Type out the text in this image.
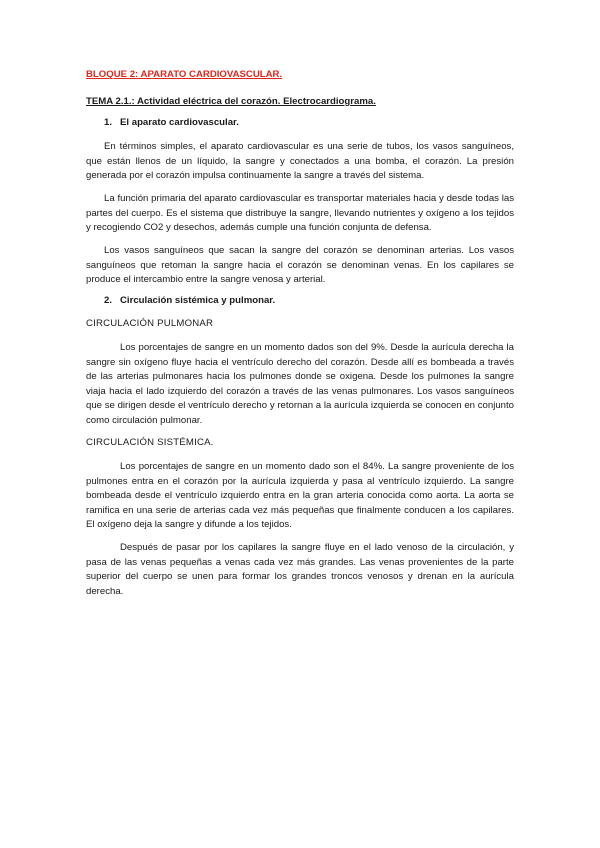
BLOQUE 2: APARATO CARDIOVASCULAR.
TEMA 2.1.: Actividad eléctrica del corazón. Electrocardiograma.
1. El aparato cardiovascular.

En términos simples, el aparato cardiovascular es una serie de tubos, los vasos sanguíneos, que están llenos de un líquido, la sangre y conectados a una bomba, el corazón. La presión generada por el corazón impulsa continuamente la sangre a través del sistema.

La función primaria del aparato cardiovascular es transportar materiales hacia y desde todas las partes del cuerpo. Es el sistema que distribuye la sangre, llevando nutrientes y oxígeno a los tejidos y recogiendo CO2 y desechos, además cumple una función conjunta de defensa.

Los vasos sanguíneos que sacan la sangre del corazón se denominan arterias. Los vasos sanguíneos que retoman la sangre hacia el corazón se denominan venas. En los capilares se produce el intercambio entre la sangre venosa y arterial.

2. Circulación sistémica y pulmonar.
CIRCULACIÓN PULMONAR

Los porcentajes de sangre en un momento dados son del 9%. Desde la aurícula derecha la sangre sin oxígeno fluye hacia el ventrículo derecho del corazón. Desde allí es bombeada a través de las arterias pulmonares hacia los pulmones donde se oxigena. Desde los pulmones la sangre viaja hacia el lado izquierdo del corazón a través de las venas pulmonares. Los vasos sanguíneos que se dirigen desde el ventrículo derecho y retornan a la aurícula izquierda se conocen en conjunto como circulación pulmonar.

CIRCULACIÓN SISTÉMICA.

Los porcentajes de sangre en un momento dado son el 84%. La sangre proveniente de los pulmones entra en el corazón por la aurícula izquierda y pasa al ventrículo izquierdo. La sangre bombeada desde el ventrículo izquierdo entra en la gran arteria conocida como aorta. La aorta se ramifica en una serie de arterias cada vez más pequeñas que finalmente conducen a los capilares. El oxígeno deja la sangre y difunde a los tejidos.

Después de pasar por los capilares la sangre fluye en el lado venoso de la circulación, y pasa de las venas pequeñas a venas cada vez más grandes. Las venas provenientes de la parte superior del cuerpo se unen para formar los grandes troncos venosos y drenan en la aurícula derecha.
